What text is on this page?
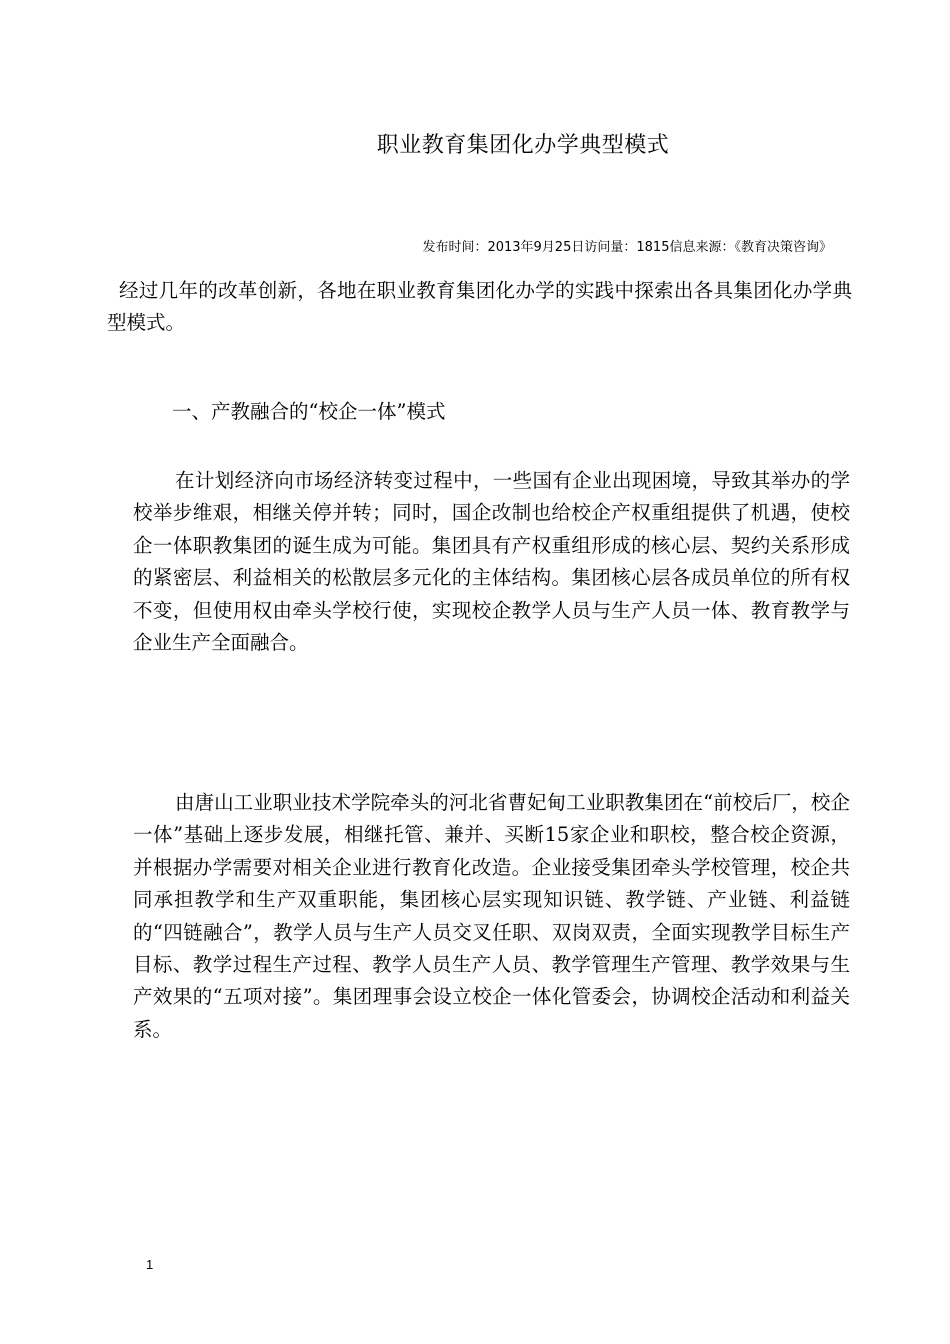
职业教育集团化办学典型模式
发布时间：2013年9月25日访问量：1815信息来源：《教育决策咨询》
经过几年的改革创新，各地在职业教育集团化办学的实践中探索出各具集团化办学典型模式。
一、产教融合的“校企一体”模式
在计划经济向市场经济转变过程中，一些国有企业出现困境，导致其举办的学校举步维艰，相继关停并转；同时，国企改制也给校企产权重组提供了机遇，使校企一体职教集团的诞生成为可能。集团具有产权重组形成的核心层、契约关系形成的紧密层、利益相关的松散层多元化的主体结构。集团核心层各成员单位的所有权不变，但使用权由牵头学校行使，实现校企教学人员与生产人员一体、教育教学与企业生产全面融合。
由唐山工业职业技术学院牵头的河北省曹妃甸工业职教集团在“前校后厂，校企一体”基础上逐步发展，相继托管、兼并、买断15家企业和职校，整合校企资源，并根据办学需要对相关企业进行教育化改造。企业接受集团牵头学校管理，校企共同承担教学和生产双重职能，集团核心层实现知识链、教学链、产业链、利益链的“四链融合”，教学人员与生产人员交叉任职、双岗双责，全面实现教学目标生产目标、教学过程生产过程、教学人员生产人员、教学管理生产管理、教学效果与生产效果的“五项对接”。集团理事会设立校企一体化管委会，协调校企活动和利益关系。
1
